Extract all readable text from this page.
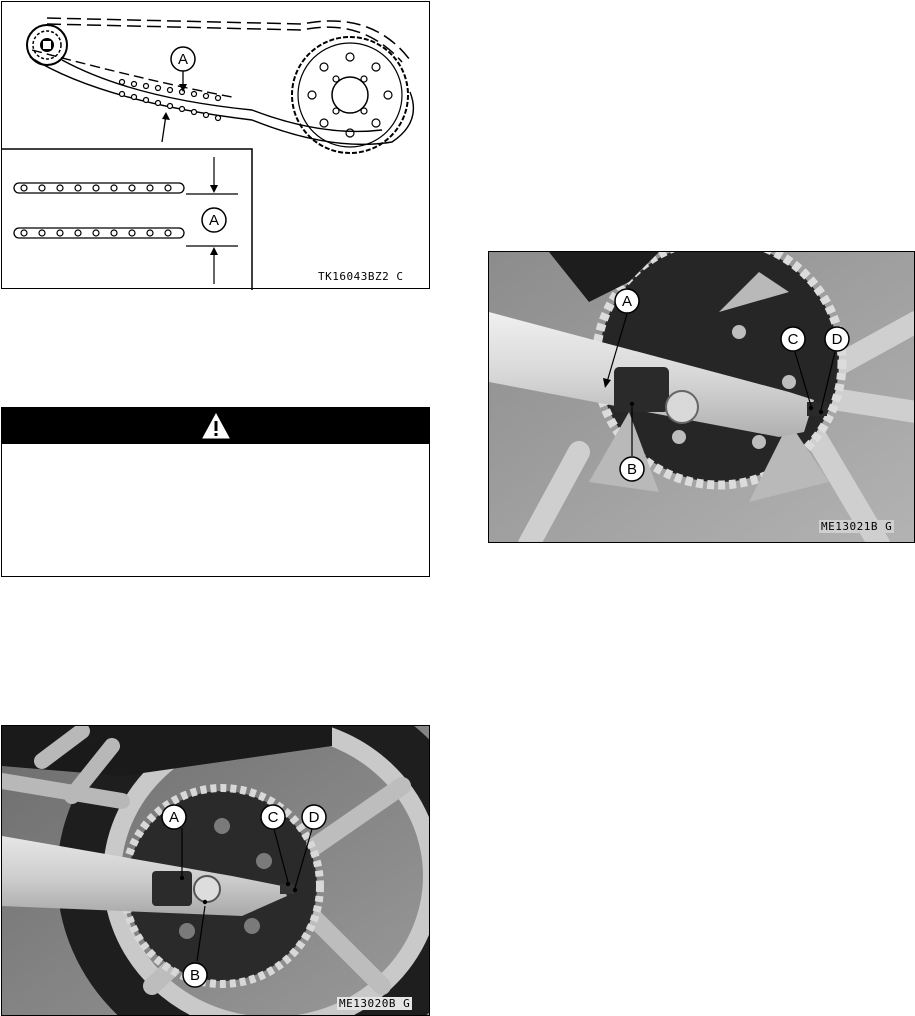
A
A
TK16043BZ2 C
A
B
C D
ME13020B G
A
B
C D
ME13021B G
